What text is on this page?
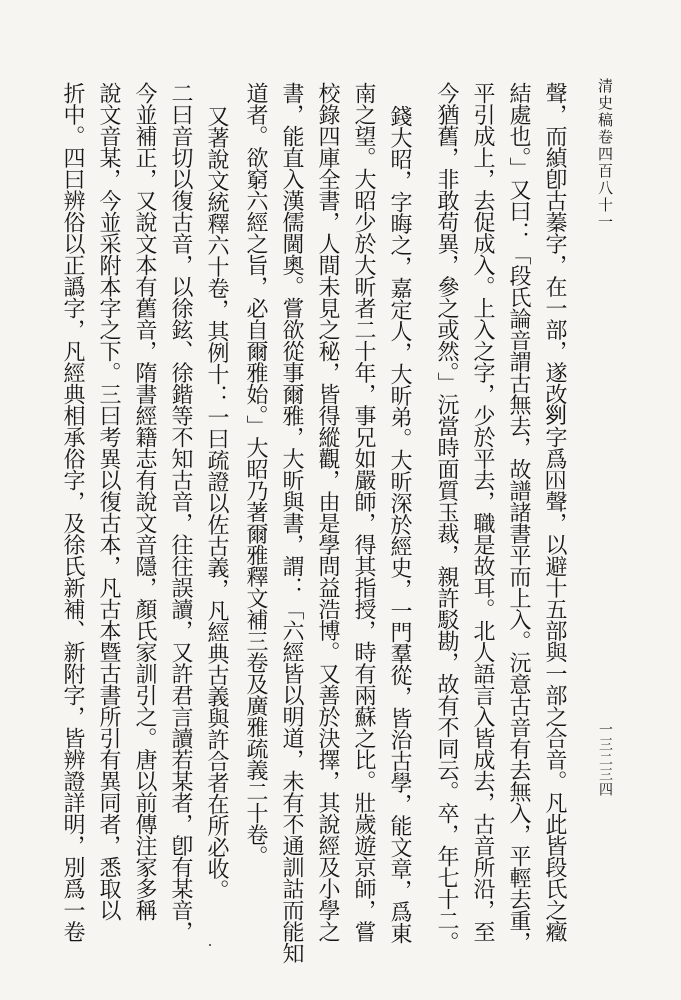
清史稿卷四百八十一
聲，而緽卽古蓁字，在一部，遂改𠛱字爲𡆧聲，以避十五部與一部之合音。凡此皆段氏之癥
結處也。」又曰：「段氏論音謂古無去，故譜諸書平而上入。沅意古音有去無入，平輕去重，
平引成上，去促成入。上入之字，少於平去，職是故耳。北人語言入皆成去，古音所沿，至
今猶舊，非敢苟異，參之或然。」沅當時面質玉裁，親許駁勘，故有不同云。卒，年七十二。
錢大昭，字晦之，嘉定人，大昕弟。大昕深於經史，一門羣從，皆治古學，能文章，爲東
南之望。大昭少於大昕者二十年，事兄如嚴師，得其指授，時有兩蘇之比。壯歲遊京師，嘗
校錄四庫全書，人間未見之秘，皆得縱觀，由是學問益浩博。又善於決擇，其說經及小學之
書，能直入漢儒閫奧。嘗欲從事爾雅，大昕與書，謂：「六經皆以明道，未有不通訓詁而能知
道者。欲窮六經之旨，必自爾雅始。」大昭乃著爾雅釋文補三卷及廣雅疏義二十卷。
又著說文統釋六十卷，其例十：一曰疏證以佐古義，凡經典古義與許合者在所必收。
二曰音切以復古音，以徐鉉、徐鍇等不知古音，往往誤讀，又許君言讀若某者，卽有某音，
今並補正，又說文本有舊音，隋書經籍志有說文音隱，顏氏家訓引之。唐以前傳注家多稱
說文音某，今並采附本字之下。三曰考異以復古本，凡古本暨古書所引有異同者，悉取以
折中。四曰辨俗以正譌字，凡經典相承俗字，及徐氏新補、新附字，皆辨證詳明，別爲一卷	一三二三四
